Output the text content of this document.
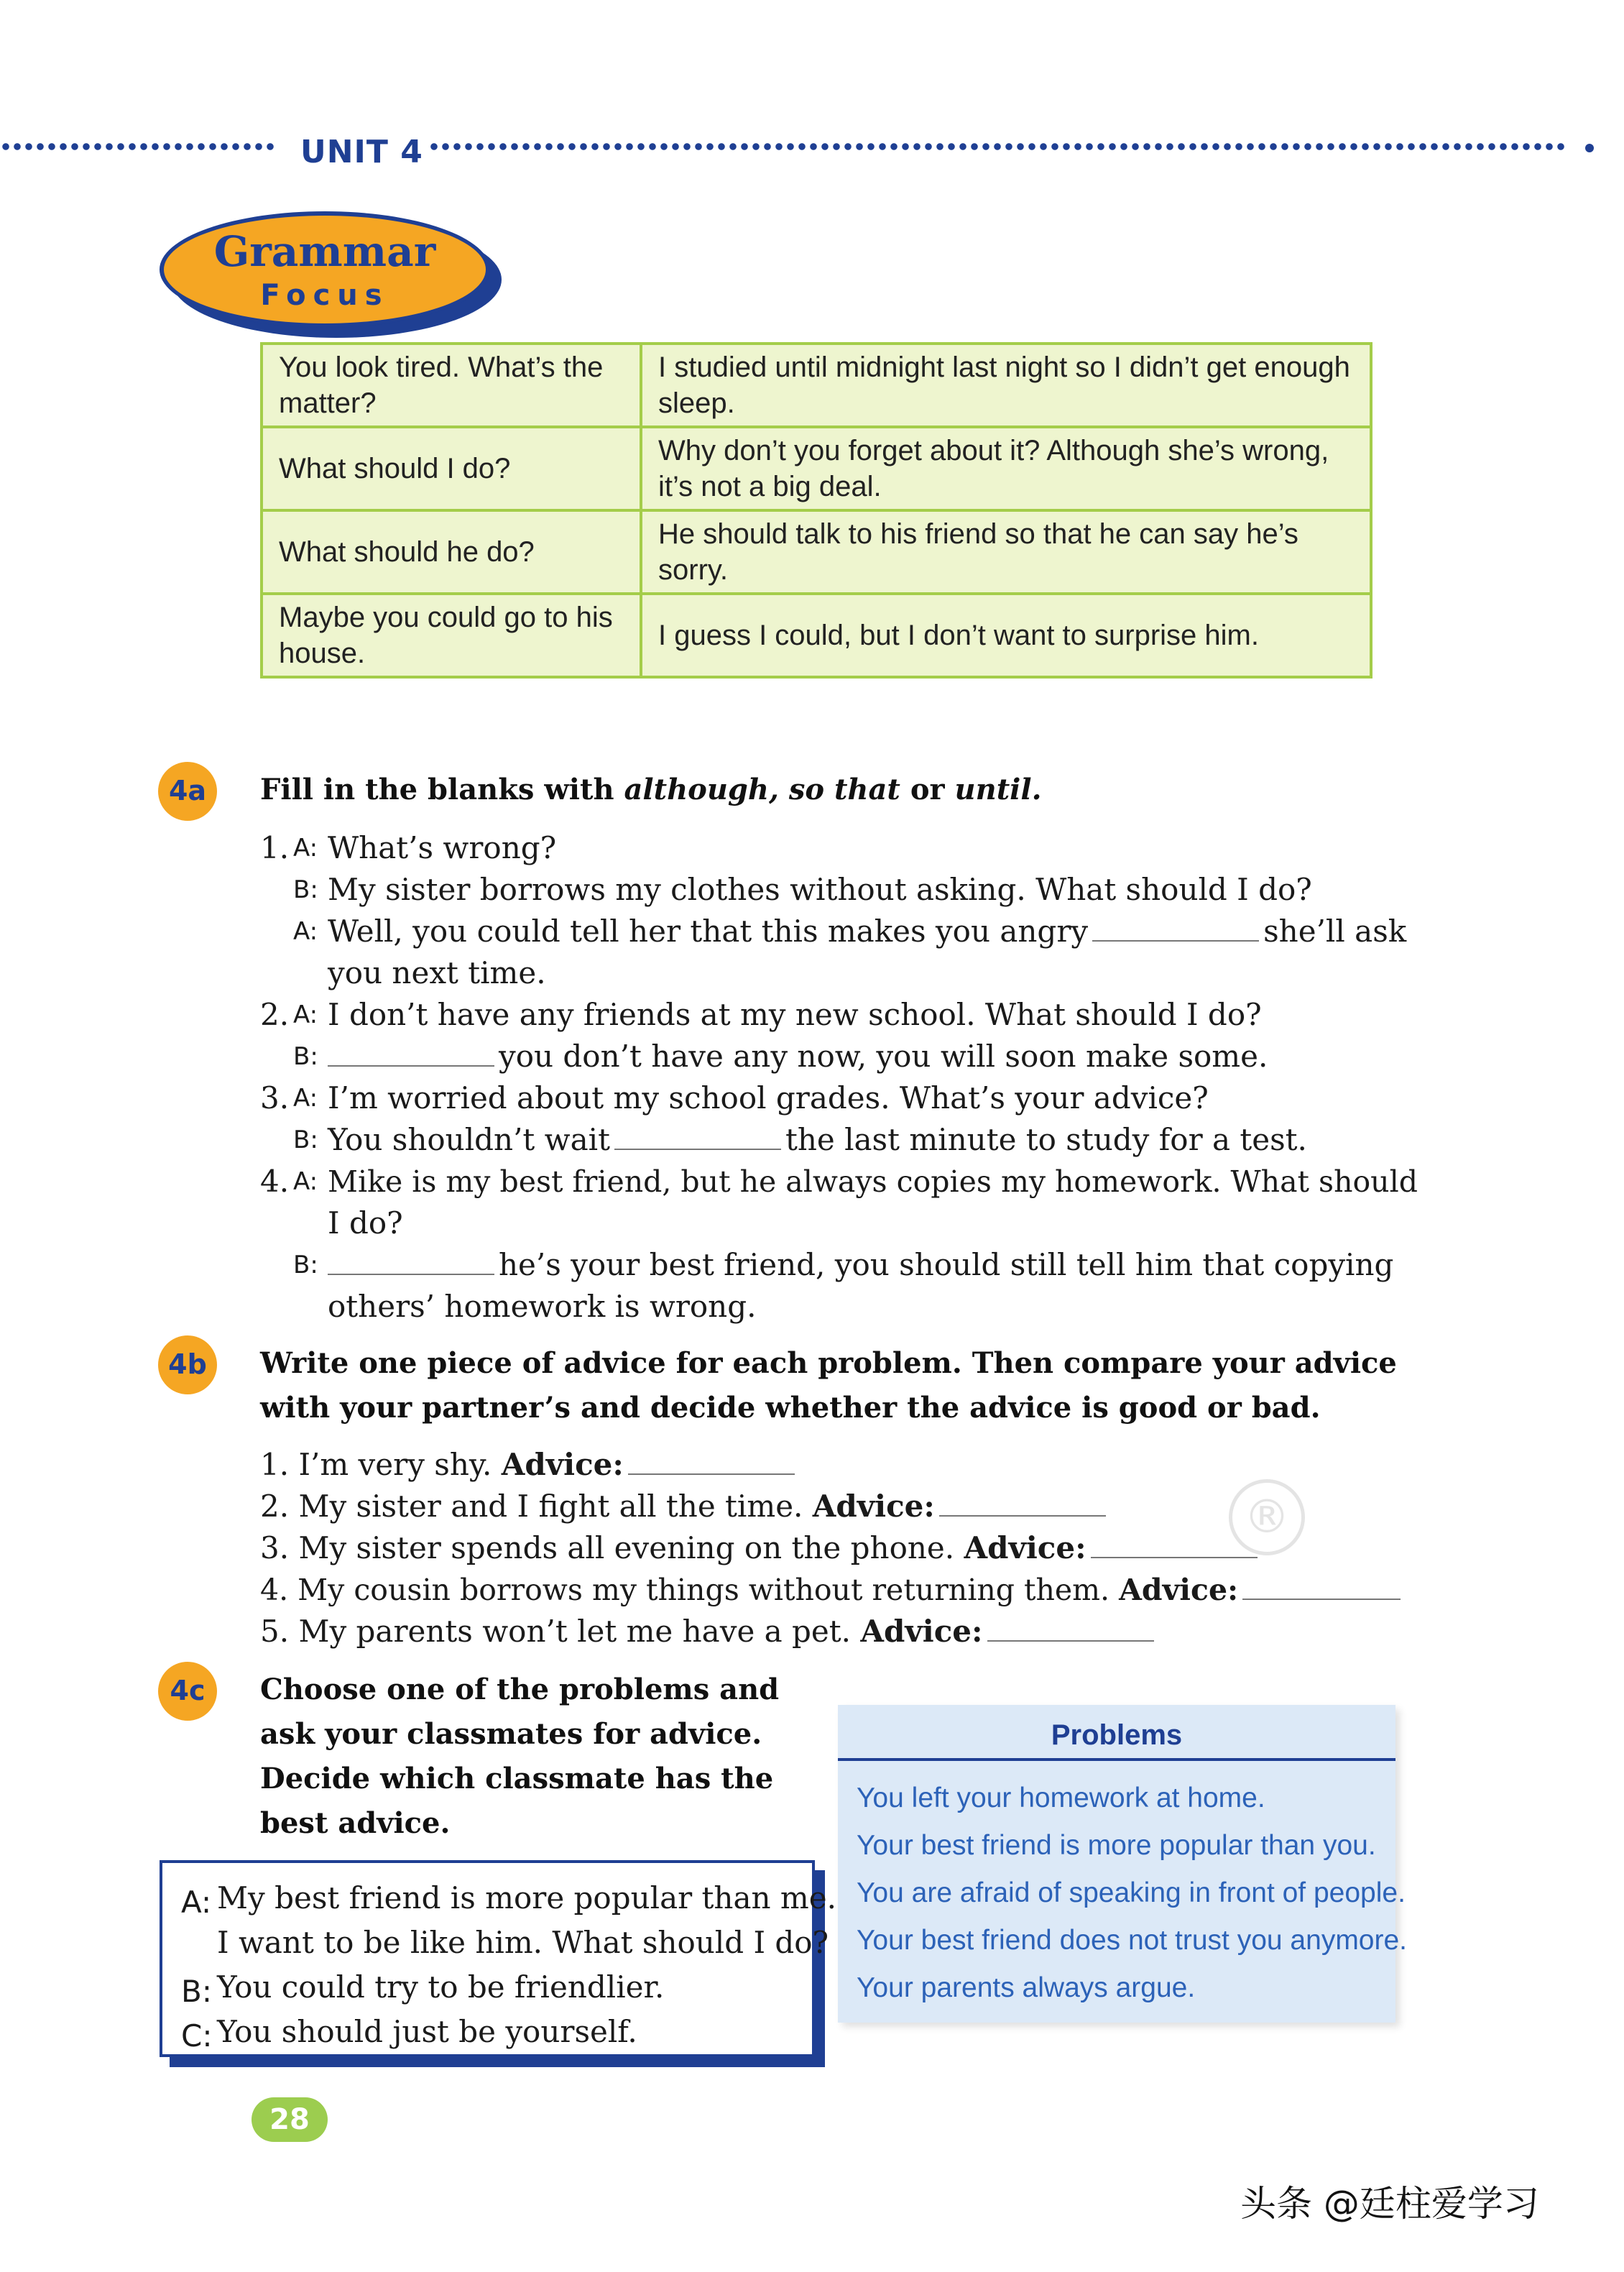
UNIT 4
Grammar
Focus
You look tired. What’s the matter?	I studied until midnight last night so I didn’t get enough sleep.
What should I do?	Why don’t you forget about it? Although she’s wrong, it’s not a big deal.
What should he do?	He should talk to his friend so that he can say he’s sorry.
Maybe you could go to his house.	I guess I could, but I don’t want to surprise him.
4a	Fill in the blanks with although, so that or until.
1. A: What’s wrong?
B: My sister borrows my clothes without asking. What should I do?
A: Well, you could tell her that this makes you angry	she’ll ask
you next time.
2. A: I don’t have any friends at my new school. What should I do?
B:	you don’t have any now, you will soon make some.
3. A: I’m worried about my school grades. What’s your advice?
B: You shouldn’t wait	the last minute to study for a test.
4. A: Mike is my best friend, but he always copies my homework. What should
I do?
B:	he’s your best friend, you should still tell him that copying
others’ homework is wrong.
4b	Write one piece of advice for each problem. Then compare your advice
with your partner’s and decide whether the advice is good or bad.
1. I’m very shy. Advice:
2. My sister and I fight all the time. Advice:
3. My sister spends all evening on the phone. Advice:
4. My cousin borrows my things without returning them. Advice:
5. My parents won’t let me have a pet. Advice:
®
4c	Choose one of the problems and
ask your classmates for advice.
Decide which classmate has the
best advice.
A: My best friend is more popular than me.
I want to be like him. What should I do?
B: You could try to be friendlier.
C: You should just be yourself.
Problems
You left your homework at home.
Your best friend is more popular than you.
You are afraid of speaking in front of people.
Your best friend does not trust you anymore.
Your parents always argue.
28
头条 @廷柱爱学习
